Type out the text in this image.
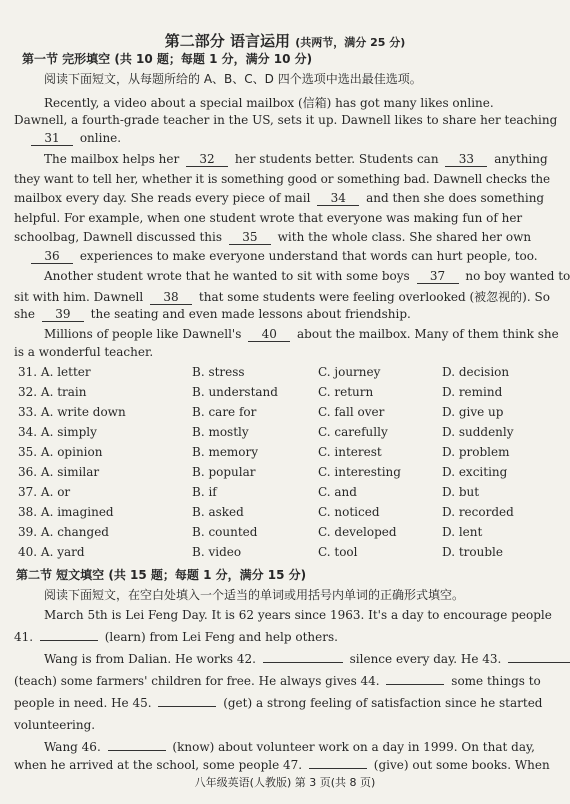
第二部分 语言运用 (共两节，满分 25 分)
第一节 完形填空 (共 10 题；每题 1 分，满分 10 分)
阅读下面短文，从每题所给的 A、B、C、D 四个选项中选出最佳选项。
Recently, a video about a special mailbox (信箱) has got many likes online.
Dawnell, a fourth-grade teacher in the US, sets it up. Dawnell likes to share her teaching
31 online.
The mailbox helps her 32 her students better. Students can 33 anything
they want to tell her, whether it is something good or something bad. Dawnell checks the
mailbox every day. She reads every piece of mail 34 and then she does something
helpful. For example, when one student wrote that everyone was making fun of her
schoolbag, Dawnell discussed this 35 with the whole class. She shared her own
36 experiences to make everyone understand that words can hurt people, too.
Another student wrote that he wanted to sit with some boys 37 no boy wanted to
sit with him. Dawnell 38 that some students were feeling overlooked (被忽视的). So
she 39 the seating and even made lessons about friendship.
Millions of people like Dawnell's 40 about the mailbox. Many of them think she
is a wonderful teacher.
31. A. letter	B. stress	C. journey	D. decision
32. A. train	B. understand	C. return	D. remind
33. A. write down	B. care for	C. fall over	D. give up
34. A. simply	B. mostly	C. carefully	D. suddenly
35. A. opinion	B. memory	C. interest	D. problem
36. A. similar	B. popular	C. interesting	D. exciting
37. A. or	B. if	C. and	D. but
38. A. imagined	B. asked	C. noticed	D. recorded
39. A. changed	B. counted	C. developed	D. lent
40. A. yard	B. video	C. tool	D. trouble
第二节 短文填空 (共 15 题；每题 1 分，满分 15 分)
阅读下面短文，在空白处填入一个适当的单词或用括号内单词的正确形式填空。
March 5th is Lei Feng Day. It is 62 years since 1963. It's a day to encourage people
41.	(learn) from Lei Feng and help others.
Wang is from Dalian. He works 42.	silence every day. He 43.
(teach) some farmers' children for free. He always gives 44.	some things to
people in need. He 45.	(get) a strong feeling of satisfaction since he started
volunteering.
Wang 46.	(know) about volunteer work on a day in 1999. On that day,
when he arrived at the school, some people 47.	(give) out some books. When
八年级英语(人教版) 第 3 页(共 8 页)
